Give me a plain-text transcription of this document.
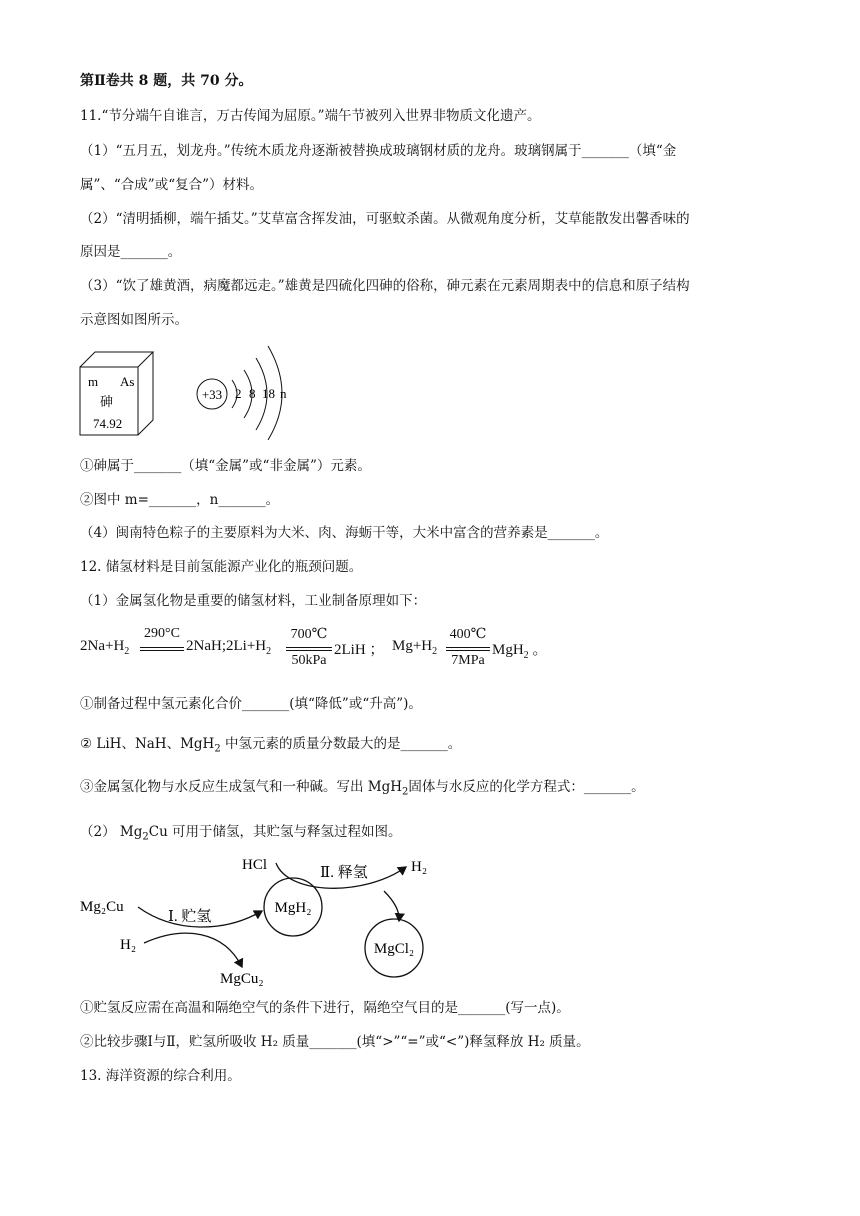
第Ⅱ卷共 8 题，共 70 分。
11.“节分端午自谁言，万古传闻为屈原。”端午节被列入世界非物质文化遗产。
（1）“五月五，划龙舟。”传统木质龙舟逐渐被替换成玻璃钢材质的龙舟。玻璃钢属于_______（填“金
属”、“合成”或“复合”）材料。
（2）“清明插柳，端午插艾。”艾草富含挥发油，可驱蚊杀菌。从微观角度分析，艾草能散发出馨香味的
原因是_______。
（3）“饮了雄黄酒，病魔都远走。”雄黄是四硫化四砷的俗称，砷元素在元素周期表中的信息和原子结构
示意图如图所示。
m As
砷
74.92
+33 2 8 18 n
①砷属于_______（填“金属”或“非金属”）元素。
②图中 m=_______，n_______。
（4）闽南特色粽子的主要原料为大米、肉、海蛎干等，大米中富含的营养素是_______。
12. 储氢材料是目前氢能源产业化的瓶颈问题。
（1）金属氢化物是重要的储氢材料，工业制备原理如下：
$2Na+H_2$
290°C
$2NaH;2Li+H_2$
700℃
50kPa
2LiH ； $Mg+H_2$
400℃
7MPa
MgH$_2$ 。
①制备过程中氢元素化合价_______(填“降低”或“升高”)。
② LiH、NaH、MgH$_2$ 中氢元素的质量分数最大的是_______。
③金属氢化物与水反应生成氢气和一种碱。写出 MgH$_2$固体与水反应的化学方程式：_______。
（2） $Mg_2Cu$ 可用于储氢，其贮氢与释氢过程如图。
HCl	Ⅱ. 释氢	H₂
Mg₂Cu
Ⅰ. 贮氢
H₂
MgCu₂
MgH₂
MgCl₂
①贮氢反应需在高温和隔绝空气的条件下进行，隔绝空气目的是_______(写一点)。
②比较步骤Ⅰ与Ⅱ，贮氢所吸收 H₂ 质量_______(填“>”“=”或“<”)释氢释放 H₂ 质量。
13. 海洋资源的综合利用。
